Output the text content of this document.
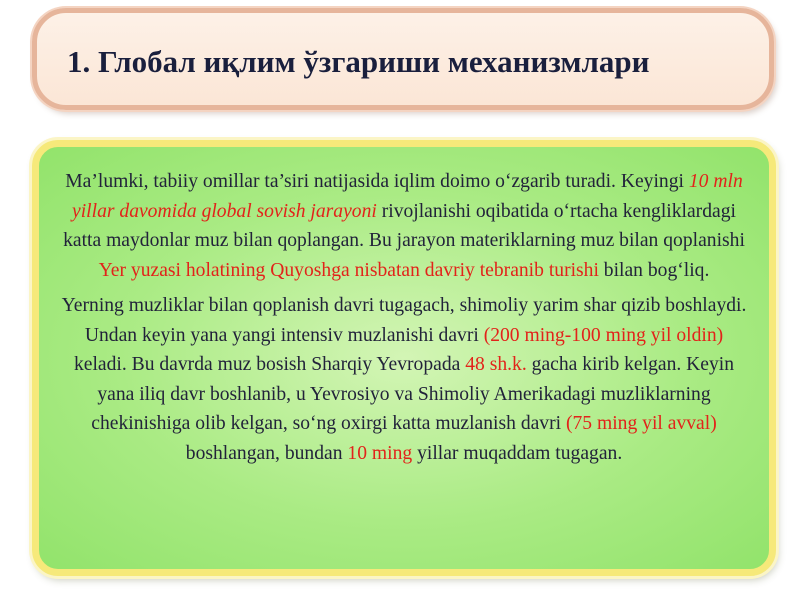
1. Глобал иқлим ўзгариши механизмлари

Ma’lumki, tabiiy omillar ta’siri natijasida iqlim doimo o‘zgarib turadi. Keyingi 10 mln yillar davomida global sovish jarayoni rivojlanishi oqibatida o‘rtacha kengliklardagi katta maydonlar muz bilan qoplangan. Bu jarayon materiklarning muz bilan qoplanishi Yer yuzasi holatining Quyoshga nisbatan davriy tebranib turishi bilan bog‘liq.

Yerning muzliklar bilan qoplanish davri tugagach, shimoliy yarim shar qizib boshlaydi. Undan keyin yana yangi intensiv muzlanishi davri (200 ming-100 ming yil oldin) keladi. Bu davrda muz bosish Sharqiy Yevropada 48 sh.k. gacha kirib kelgan. Keyin yana iliq davr boshlanib, u Yevrosiyo va Shimoliy Amerikadagi muzliklarning chekinishiga olib kelgan, so‘ng oxirgi katta muzlanish davri (75 ming yil avval) boshlangan, bundan 10 ming yillar muqaddam tugagan.
